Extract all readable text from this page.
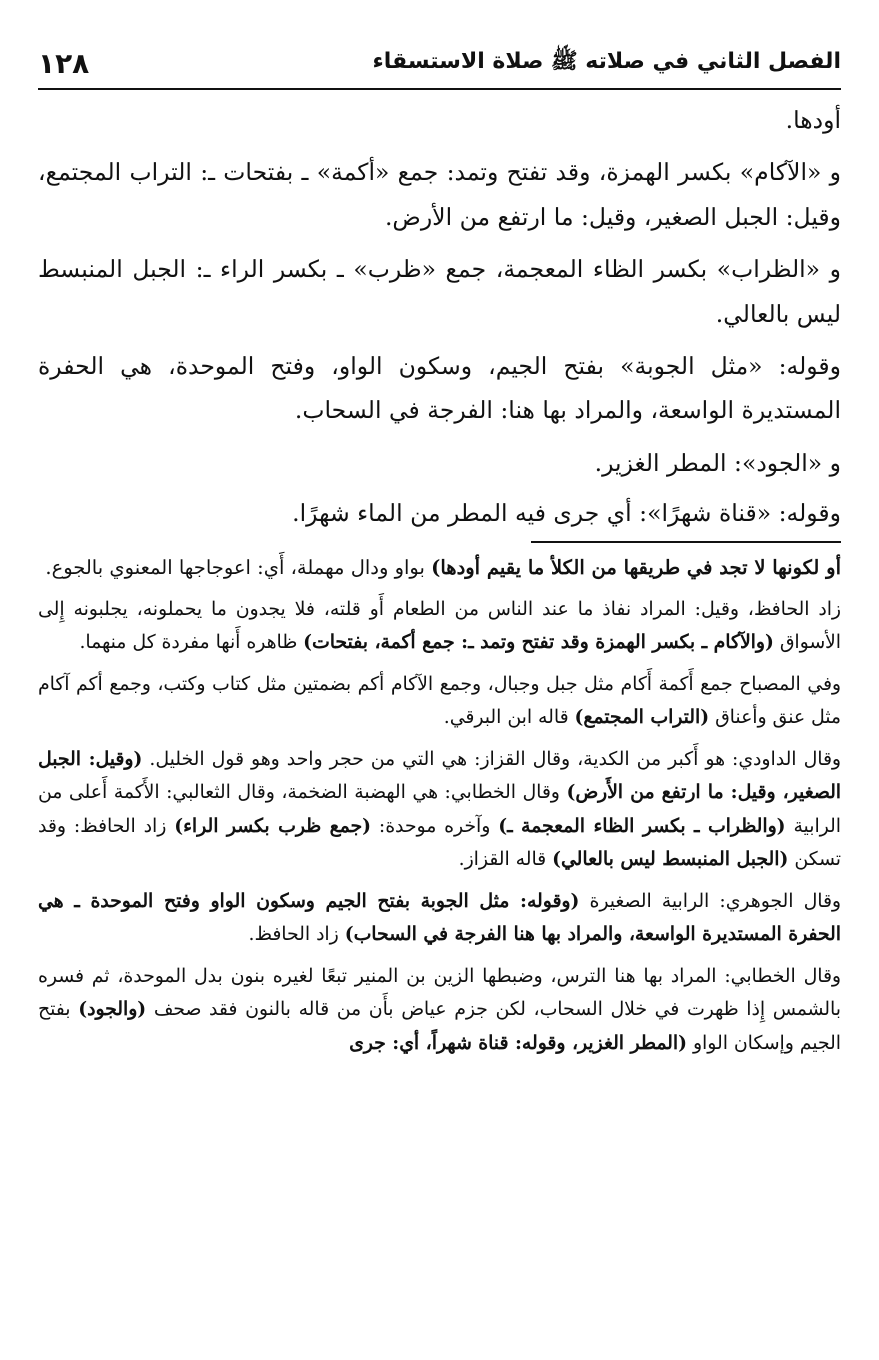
الفصل الثاني في صلاته ﷺ صلاة الاستسقاء
١٢٨

أودها.

و «الآكام» بكسر الهمزة، وقد تفتح وتمد: جمع «أكمة» ـ بفتحات ـ: التراب المجتمع، وقيل: الجبل الصغير، وقيل: ما ارتفع من الأرض.

و «الظراب» بكسر الظاء المعجمة، جمع «ظرب» ـ بكسر الراء ـ: الجبل المنبسط ليس بالعالي.

وقوله: «مثل الجوبة» بفتح الجيم، وسكون الواو، وفتح الموحدة، هي الحفرة المستديرة الواسعة، والمراد بها هنا: الفرجة في السحاب.

و «الجود»: المطر الغزير.

وقوله: «قناة شهرًا»: أي جرى فيه المطر من الماء شهرًا.

أو لكونها لا تجد في طريقها من الكلأ ما يقيم أودها) بواو ودال مهملة، أَي: اعوجاجها المعنوي بالجوع.

زاد الحافظ، وقيل: المراد نفاذ ما عند الناس من الطعام أَو قلته، فلا يجدون ما يحملونه، يجلبونه إِلى الأسواق (والآكام ـ بكسر الهمزة وقد تفتح وتمد ـ: جمع أكمة، بفتحات) ظاهره أَنها مفردة كل منهما.

وفي المصباح جمع أَكمة أَكام مثل جبل وجبال، وجمع الآكام أكم بضمتين مثل كتاب وكتب، وجمع أكم آكام مثل عنق وأعناق (التراب المجتمع) قاله ابن البرقي.

وقال الداودي: هو أَكبر من الكدية، وقال القزاز: هي التي من حجر واحد وهو قول الخليل. (وقيل: الجبل الصغير، وقيل: ما ارتفع من الأَرض) وقال الخطابي: هي الهضبة الضخمة، وقال الثعالبي: الأَكمة أَعلى من الرابية (والظراب ـ بكسر الظاء المعجمة ـ) وآخره موحدة: (جمع ظرب بكسر الراء) زاد الحافظ: وقد تسكن (الجبل المنبسط ليس بالعالي) قاله القزاز.

وقال الجوهري: الرابية الصغيرة (وقوله: مثل الجوبة بفتح الجيم وسكون الواو وفتح الموحدة ـ هي الحفرة المستديرة الواسعة، والمراد بها هنا الفرجة في السحاب) زاد الحافظ.

وقال الخطابي: المراد بها هنا الترس، وضبطها الزين بن المنير تبعًا لغيره بنون بدل الموحدة، ثم فسره بالشمس إِذا ظهرت في خلال السحاب، لكن جزم عياض بأَن من قاله بالنون فقد صحف (والجود) بفتح الجيم وإسكان الواو (المطر الغزير، وقوله: قناة شهراً، أي: جرى
